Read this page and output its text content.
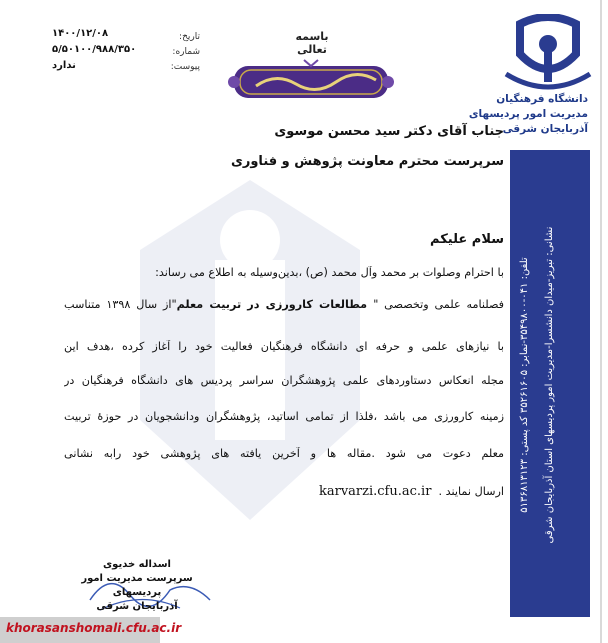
دانشگاه فرهنگیان
مدیریت امور پردیسهای
آذربایجان شرقی
نشانی: تبریز-میدان دانشسرا-مدیریت امور پردیسهای استان آذربایجان شرقی
تلفن: ۰۴۱-۳۵۴۹۸۰۰-نمابر: ۳۵۲۶۱۶۰۵ کد پستی: ۵۱۳۶۸۱۳۱۲۳
Https://AzarbaijanSharghi.cfu.ac.ir
باسمه تعالی
تاریخ:
شماره:
پیوست:
۱۴۰۰/۱۲/۰۸
۵/۵۰۱۰۰/۹۸۸/۳۵۰
ندارد
جناب آقای دکتر سید محسن موسوی
سرپرست محترم معاونت پژوهش و فناوری
سلام علیکم
با احترام وصلوات بر محمد وآل محمد (ص) ،بدین‌وسیله به اطلاع می رساند:
فصلنامه علمی وتخصصی " مطالعات کارورزی در تربیت معلم"از سال ۱۳۹۸ متناسب
با نیازهای علمی و حرفه ای دانشگاه فرهنگیان فعالیت خود را آغاز کرده ،هدف این
مجله انعکاس دستاوردهای علمی پژوهشگران سراسر پردیس های دانشگاه فرهنگیان در
زمینه کارورزی می باشد ،فلذا از تمامی اساتید، پژوهشگران ودانشجویان در حوزهٔ تربیت
معلم دعوت می شود .مقاله ها و آخرین یافته های پژوهشی خود رابه نشانی
ارسال نمایند .  karvarzi.cfu.ac.ir
اسداله خدیوی
سرپرست مدیریت امور پردیسهای
آذربایجان شرقی
khorasanshomali.cfu.ac.ir
